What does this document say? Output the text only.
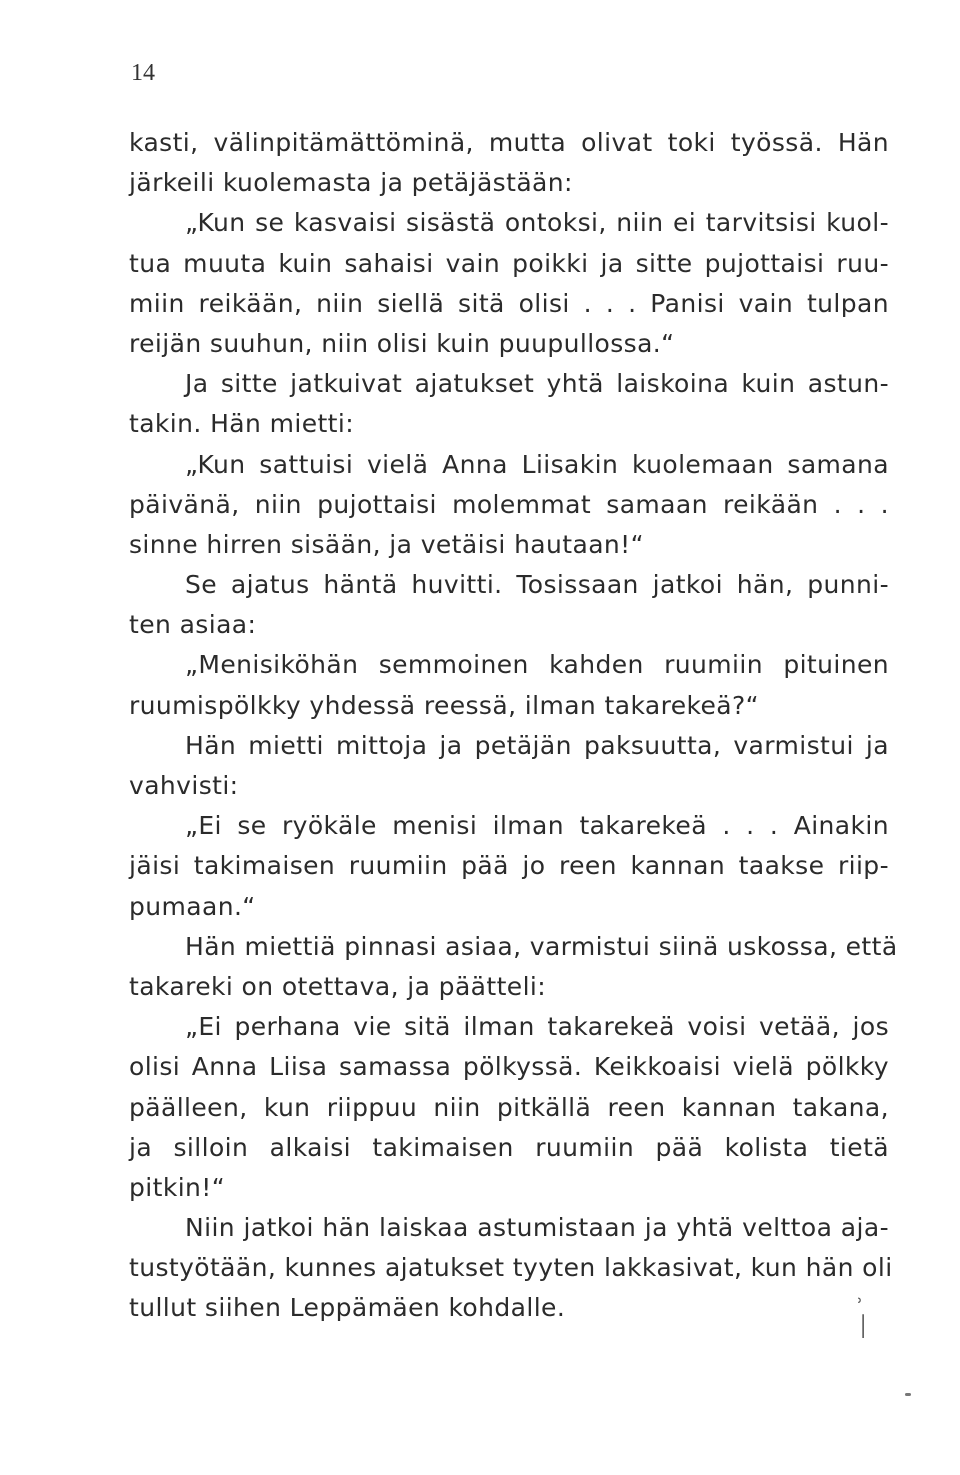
14
kasti, välinpitämättöminä, mutta olivat toki työssä. Hän
järkeili kuolemasta ja petäjästään:
„Kun se kasvaisi sisästä ontoksi, niin ei tarvitsisi kuol-
tua muuta kuin sahaisi vain poikki ja sitte pujottaisi ruu-
miin reikään, niin siellä sitä olisi . . . Panisi vain tulpan
reijän suuhun, niin olisi kuin puupullossa.“
Ja sitte jatkuivat ajatukset yhtä laiskoina kuin astun-
takin. Hän mietti:
„Kun sattuisi vielä Anna Liisakin kuolemaan samana
päivänä, niin pujottaisi molemmat samaan reikään . . .
sinne hirren sisään, ja vetäisi hautaan!“
Se ajatus häntä huvitti. Tosissaan jatkoi hän, punni-
ten asiaa:
„Menisiköhän semmoinen kahden ruumiin pituinen
ruumispölkky yhdessä reessä, ilman takarekeä?“
Hän mietti mittoja ja petäjän paksuutta, varmistui ja
vahvisti:
„Ei se ryökäle menisi ilman takarekeä . . . Ainakin
jäisi takimaisen ruumiin pää jo reen kannan taakse riip-
pumaan.“
Hän miettiä pinnasi asiaa, varmistui siinä uskossa, että
takareki on otettava, ja päätteli:
„Ei perhana vie sitä ilman takarekeä voisi vetää, jos
olisi Anna Liisa samassa pölkyssä. Keikkoaisi vielä pölkky
päälleen, kun riippuu niin pitkällä reen kannan takana,
ja silloin alkaisi takimaisen ruumiin pää kolista tietä
pitkin!“
Niin jatkoi hän laiskaa astumistaan ja yhtä velttoa aja-
tustyötään, kunnes ajatukset tyyten lakkasivat, kun hän oli
tullut siihen Leppämäen kohdalle.	ʾ
│
